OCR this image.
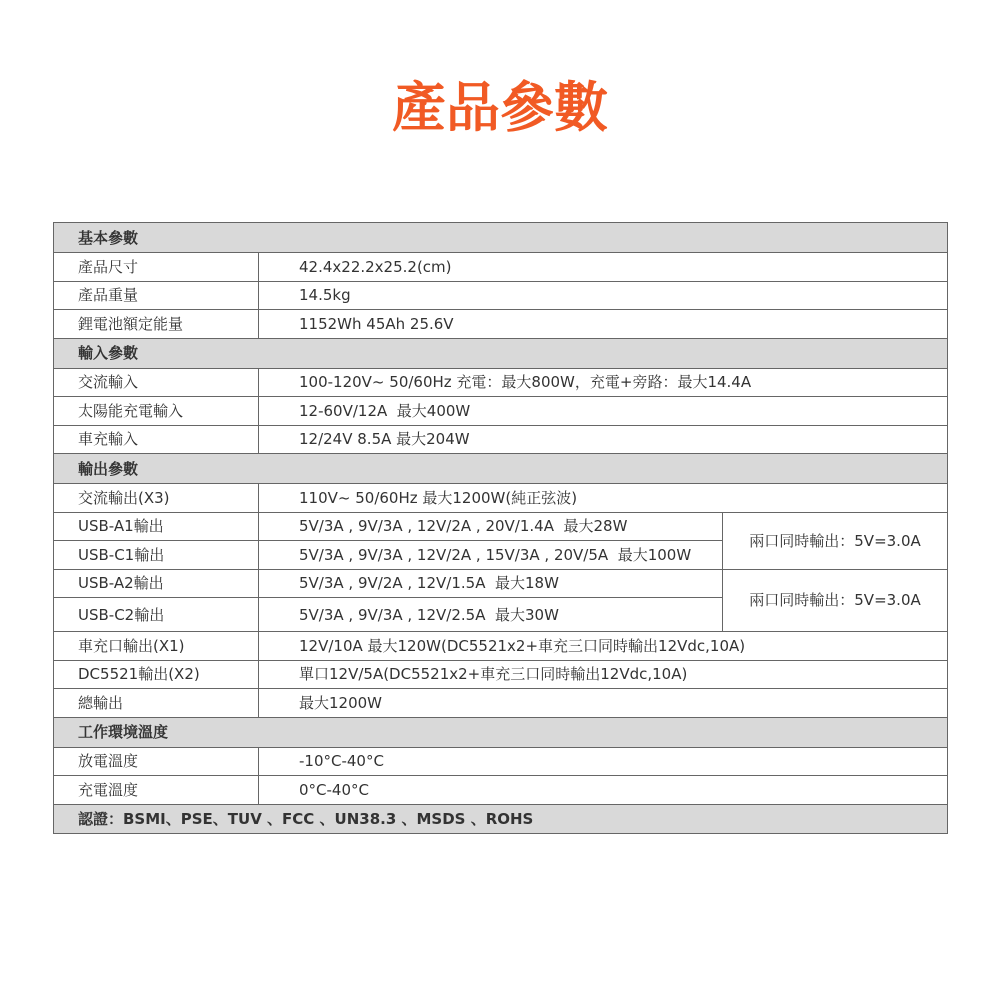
產品參數
基本參數		
產品尺寸	42.4x22.2x25.2(cm)	
產品重量	14.5kg	
鋰電池額定能量	1152Wh 45Ah 25.6V	
輸入參數		
交流輸入	100-120V~ 50/60Hz 充電：最大800W，充電+旁路：最大14.4A	
太陽能充電輸入	12-60V/12A  最大400W	
車充輸入	12/24V 8.5A 最大204W	
輸出參數		
交流輸出(X3)	110V~ 50/60Hz 最大1200W(純正弦波)	
USB-A1輸出	5V/3A , 9V/3A , 12V/2A , 20V/1.4A  最大28W	兩口同時輸出：5V=3.0A
USB-C1輸出	5V/3A , 9V/3A , 12V/2A , 15V/3A , 20V/5A  最大100W	
USB-A2輸出	5V/3A , 9V/2A , 12V/1.5A  最大18W	兩口同時輸出：5V=3.0A
USB-C2輸出	5V/3A , 9V/3A , 12V/2.5A  最大30W	
車充口輸出(X1)	12V/10A 最大120W(DC5521x2+車充三口同時輸出12Vdc,10A)	
DC5521輸出(X2)	單口12V/5A(DC5521x2+車充三口同時輸出12Vdc,10A)	
總輸出	最大1200W	
工作環境溫度		
放電溫度	-10°C-40°C	
充電溫度	0°C-40°C	
認證：BSMI、PSE、TUV 、FCC 、UN38.3 、MSDS 、ROHS		
